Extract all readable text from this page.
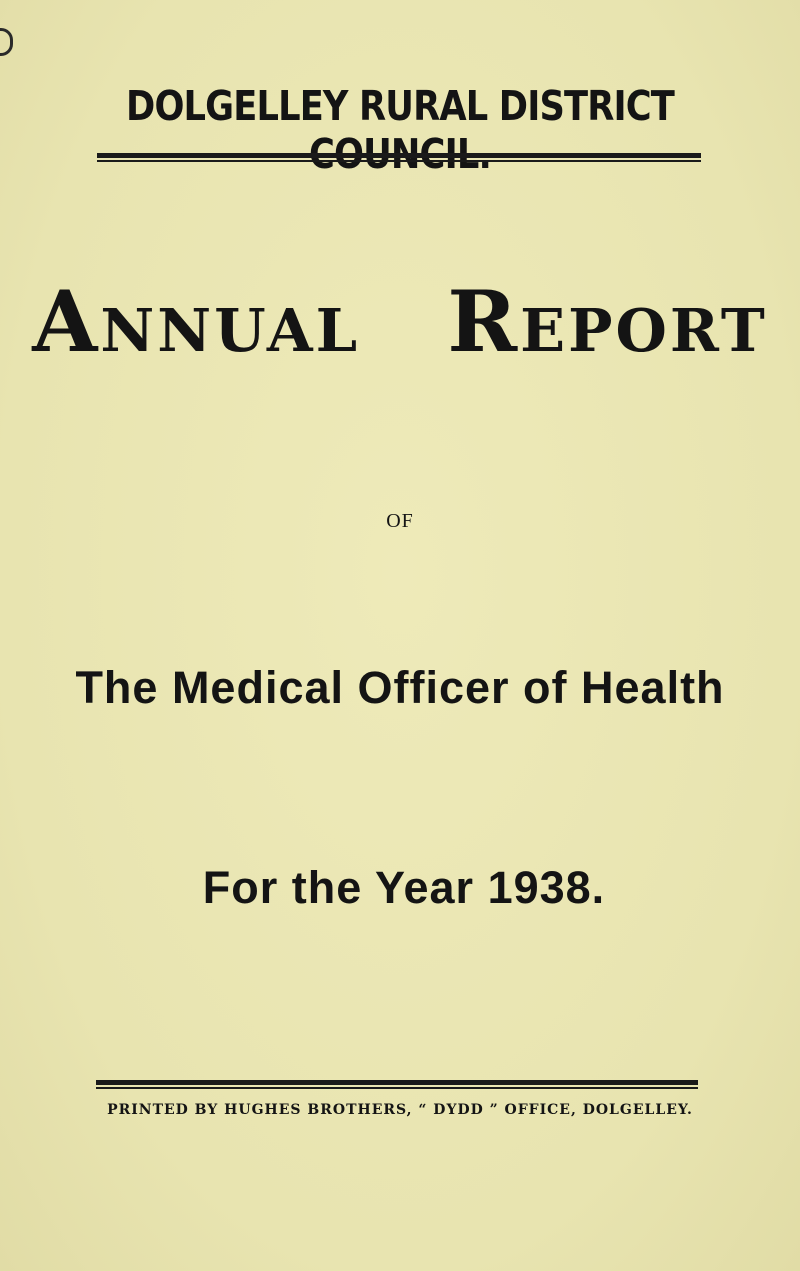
DOLGELLEY RURAL DISTRICT
Annual Report
OF
The Medical Officer of Health
For the Year 1938.
PRINTED BY HUGHES BROTHERS, “ DYDD ” OFFICE, DOLGELLEY.
